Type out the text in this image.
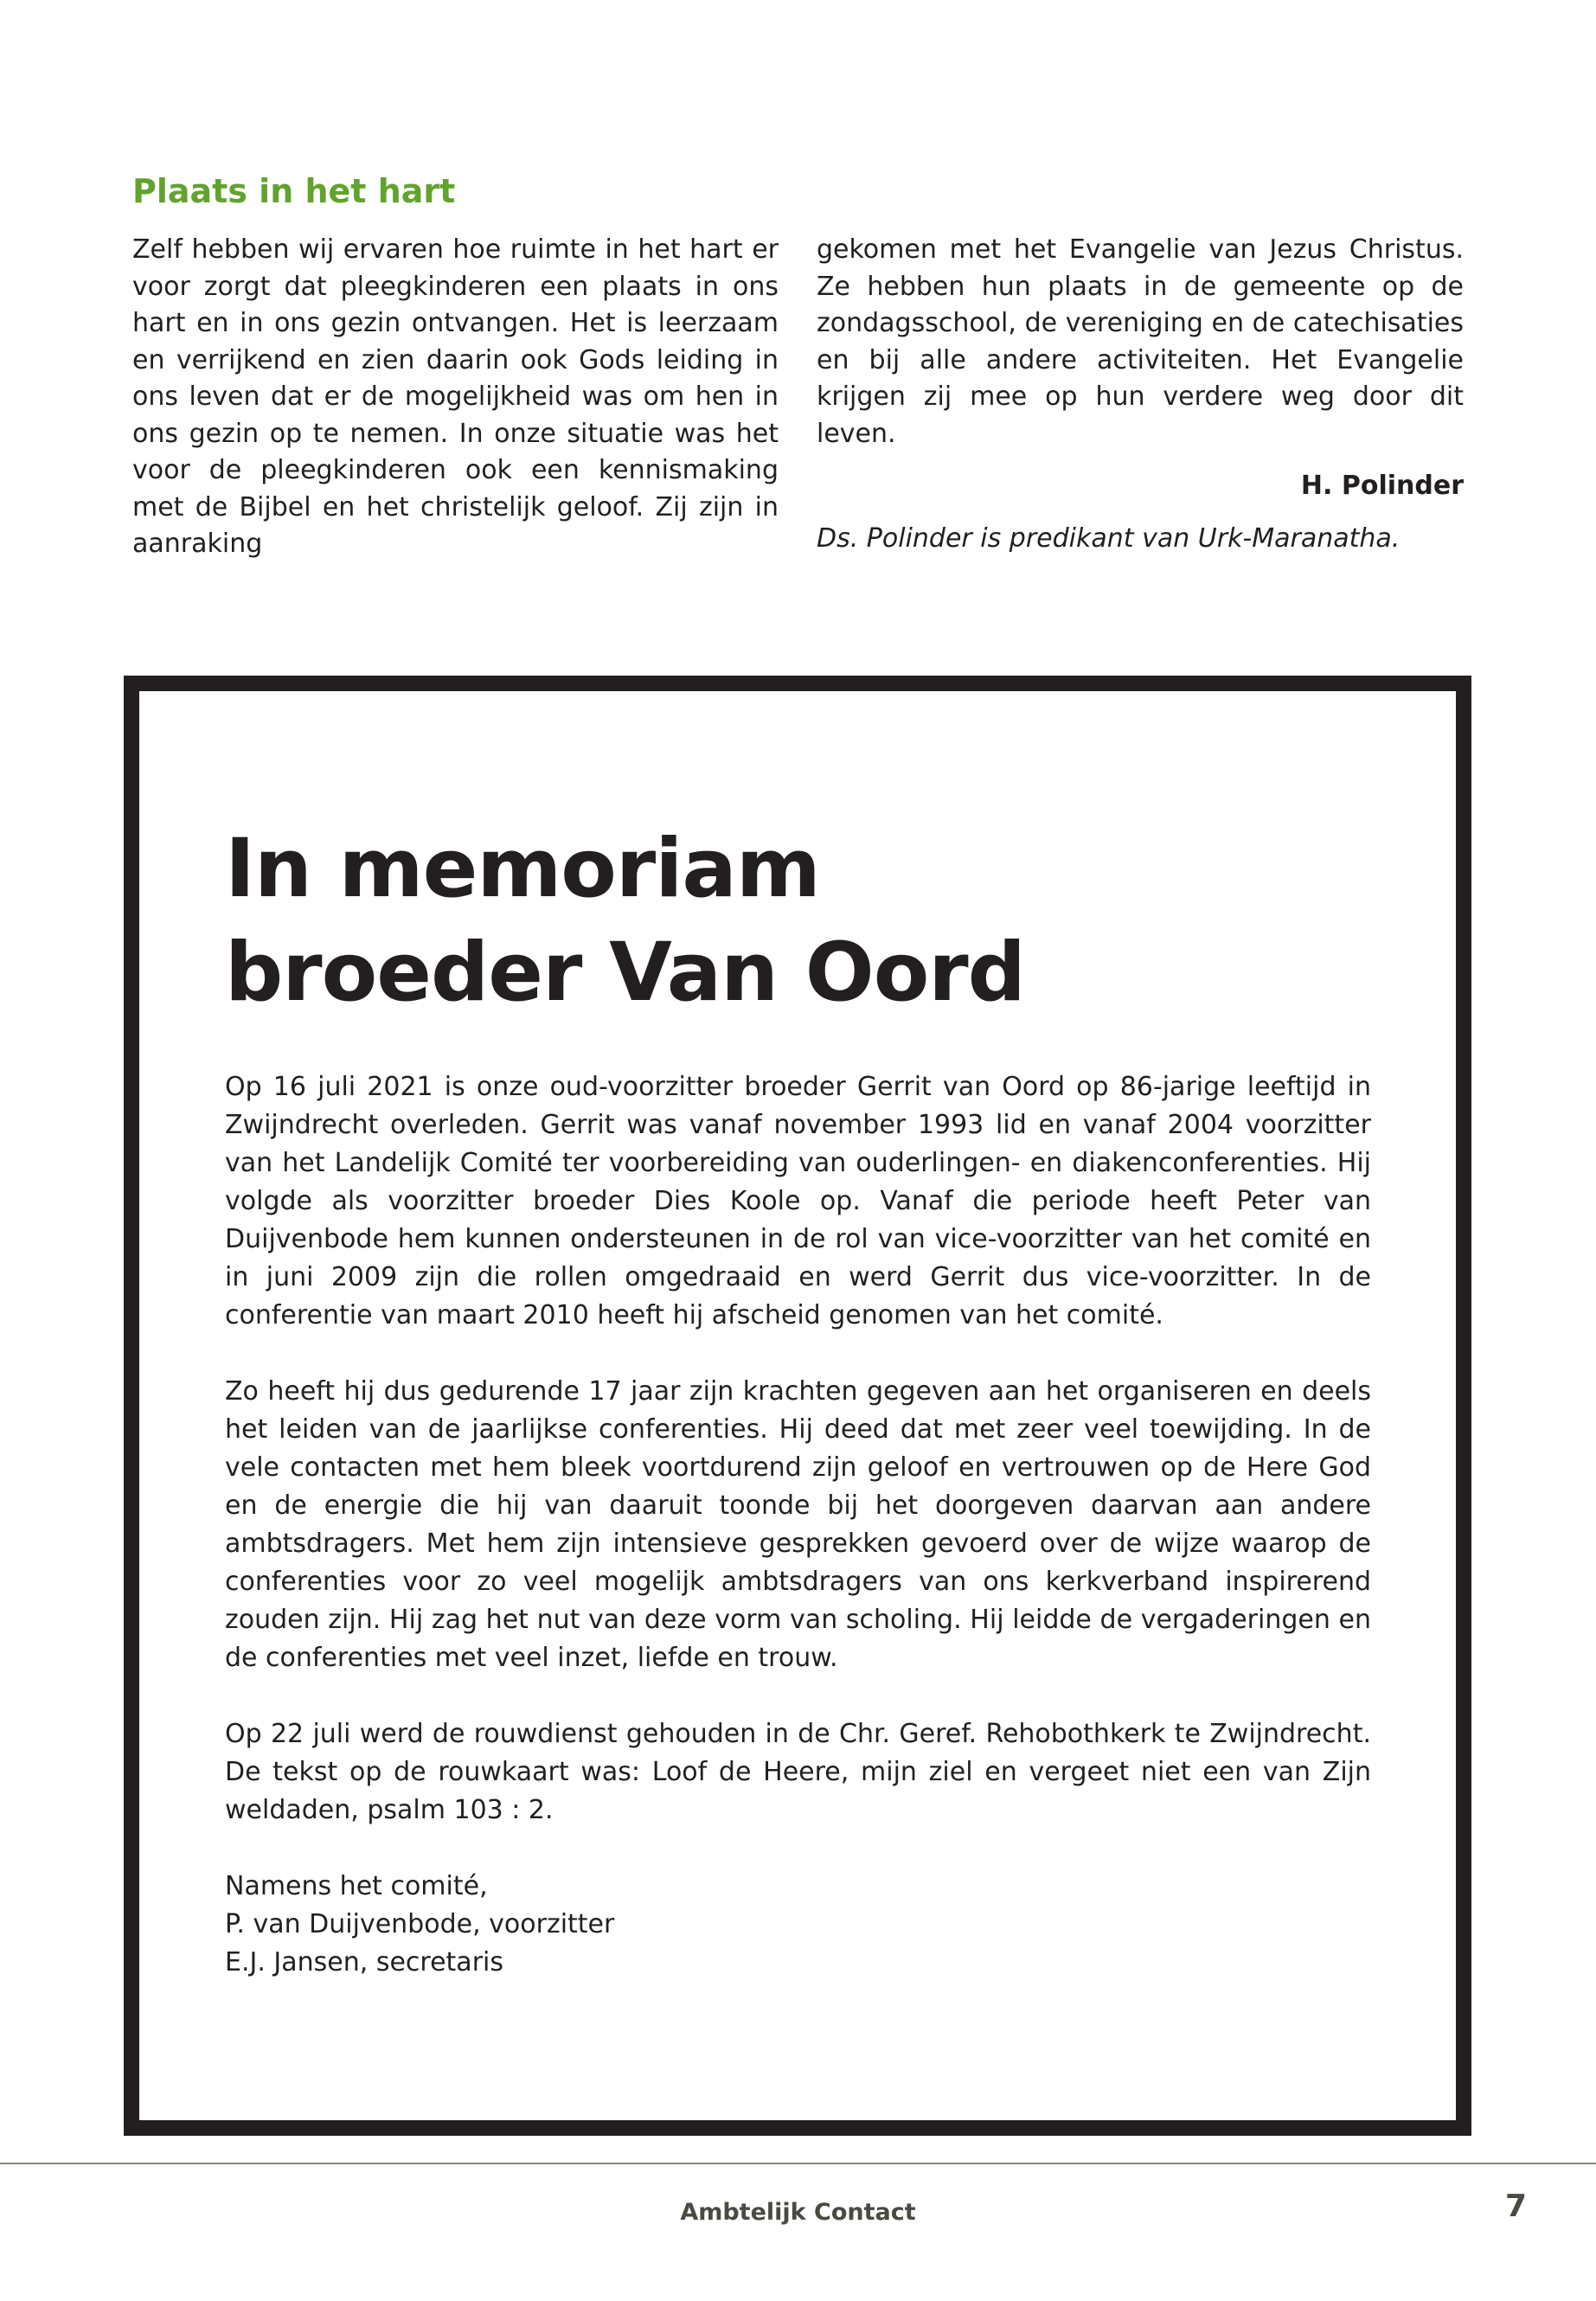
Plaats in het hart

Zelf hebben wij ervaren hoe ruimte in het hart er voor zorgt dat pleegkinderen een plaats in ons hart en in ons gezin ontvangen. Het is leerzaam en verrijkend en zien daarin ook Gods leiding in ons leven dat er de mogelijkheid was om hen in ons gezin op te nemen. In onze situatie was het voor de pleegkinderen ook een kennismaking met de Bijbel en het christelijk geloof. Zij zijn in aanraking

gekomen met het Evangelie van Jezus Christus. Ze hebben hun plaats in de gemeente op de zondagsschool, de vereniging en de catechisaties en bij alle andere activiteiten. Het Evangelie krijgen zij mee op hun verdere weg door dit leven.

H. Polinder

Ds. Polinder is predikant van Urk-Maranatha.

In memoriam
broeder Van Oord

Op 16 juli 2021 is onze oud-voorzitter broeder Gerrit van Oord op 86-jarige leeftijd in Zwijndrecht overleden. Gerrit was vanaf november 1993 lid en vanaf 2004 voorzitter van het Landelijk Comité ter voorbereiding van ouderlingen- en diakenconferenties. Hij volgde als voorzitter broeder Dies Koole op. Vanaf die periode heeft Peter van Duijvenbode hem kunnen ondersteunen in de rol van vice-voorzitter van het comité en in juni 2009 zijn die rollen omgedraaid en werd Gerrit dus vice-voorzitter. In de conferentie van maart 2010 heeft hij afscheid genomen van het comité.

Zo heeft hij dus gedurende 17 jaar zijn krachten gegeven aan het organiseren en deels het leiden van de jaarlijkse conferenties. Hij deed dat met zeer veel toewijding. In de vele contacten met hem bleek voortdurend zijn geloof en vertrouwen op de Here God en de energie die hij van daaruit toonde bij het doorgeven daarvan aan andere ambtsdragers. Met hem zijn intensieve gesprekken gevoerd over de wijze waarop de conferenties voor zo veel mogelijk ambtsdragers van ons kerkverband inspirerend zouden zijn. Hij zag het nut van deze vorm van scholing. Hij leidde de vergaderingen en de conferenties met veel inzet, liefde en trouw.

Op 22 juli werd de rouwdienst gehouden in de Chr. Geref. Rehobothkerk te Zwijndrecht. De tekst op de rouwkaart was: Loof de Heere, mijn ziel en vergeet niet een van Zijn weldaden, psalm 103 : 2.

Namens het comité,
P. van Duijvenbode, voorzitter
E.J. Jansen, secretaris
Ambtelijk Contact	7
